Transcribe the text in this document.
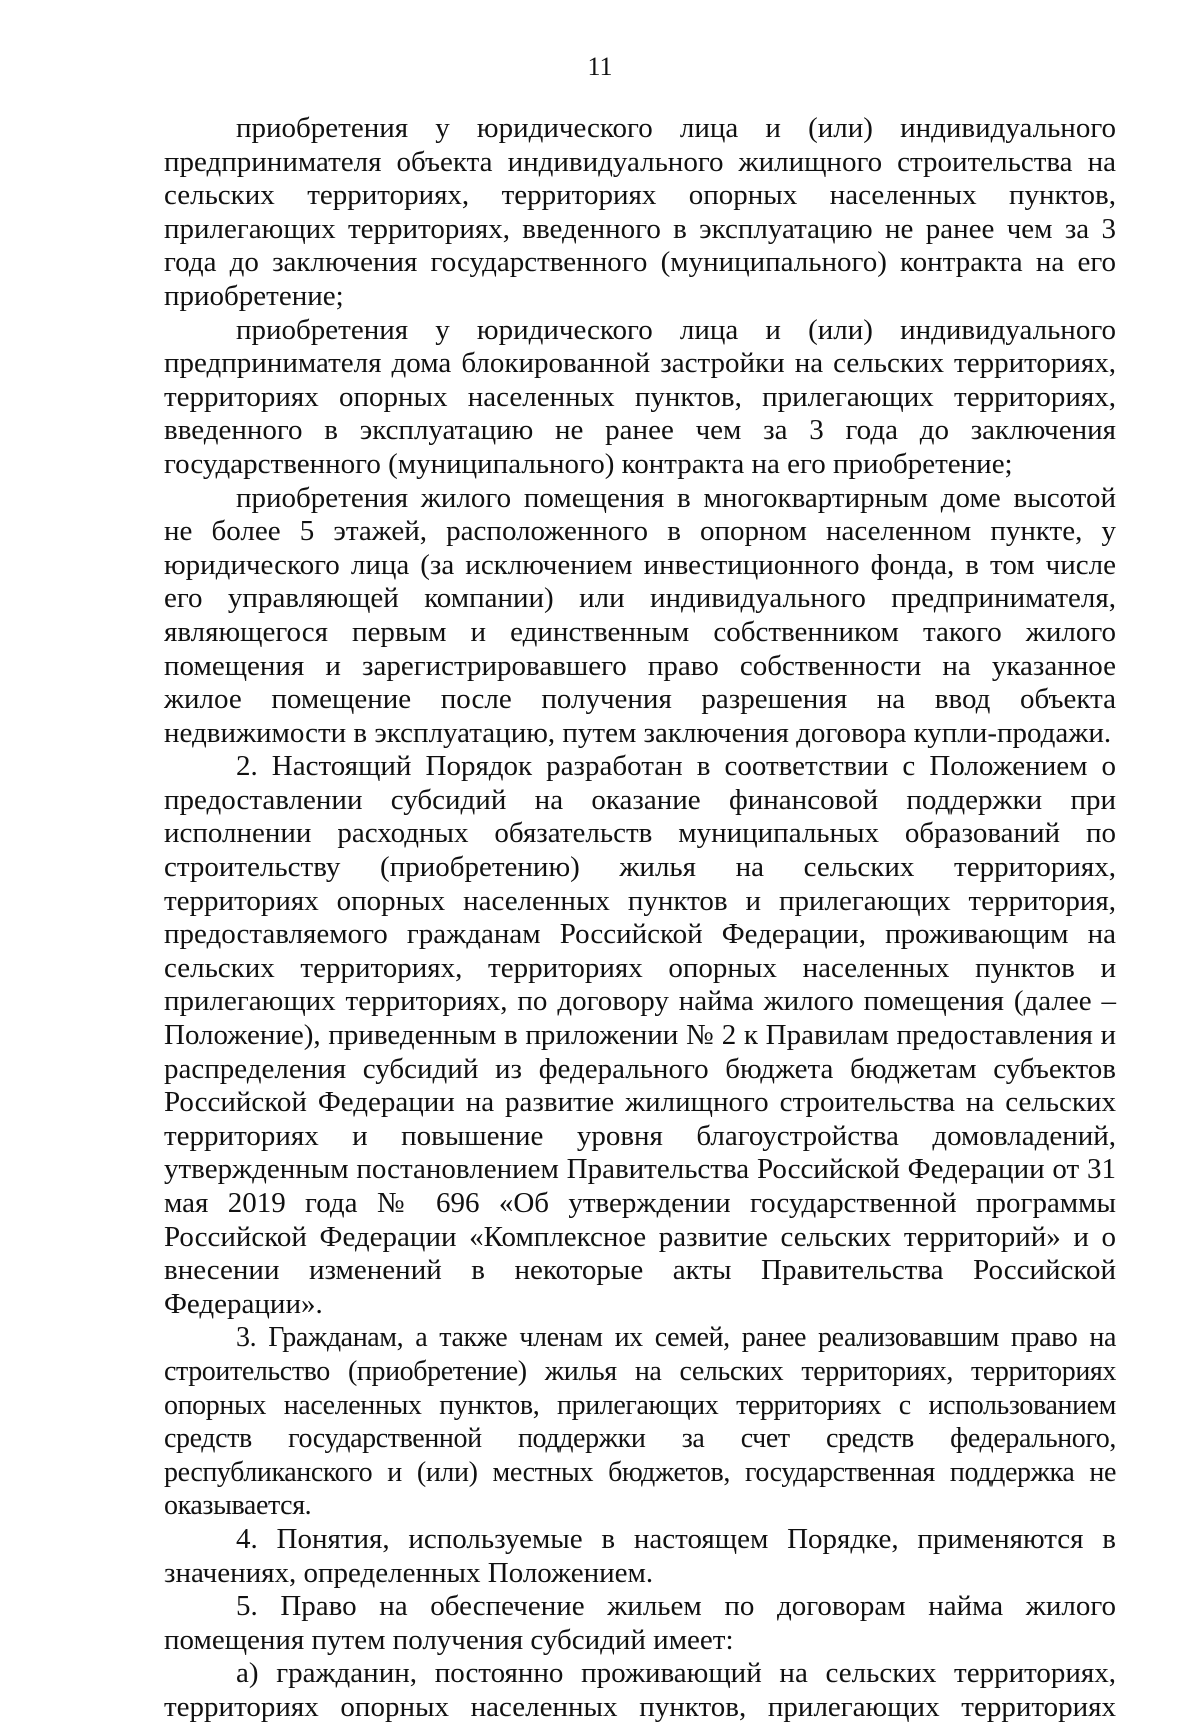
11

приобретения у юридического лица и (или) индивидуального предпринимателя объекта индивидуального жилищного строительства на сельских территориях, территориях опорных населенных пунктов, прилегающих территориях, введенного в эксплуатацию не ранее чем за 3 года до заключения государственного (муниципального) контракта на его приобретение;

приобретения у юридического лица и (или) индивидуального предпринимателя дома блокированной застройки на сельских территориях, территориях опорных населенных пунктов, прилегающих территориях, введенного в эксплуатацию не ранее чем за 3 года до заключения государственного (муниципального) контракта на его приобретение;

приобретения жилого помещения в многоквартирным доме высотой не более 5 этажей, расположенного в опорном населенном пункте, у юридического лица (за исключением инвестиционного фонда, в том числе его управляющей компании) или индивидуального предпринимателя, являющегося первым и единственным собственником такого жилого помещения и зарегистрировавшего право собственности на указанное жилое помещение после получения разрешения на ввод объекта недвижимости в эксплуатацию, путем заключения договора купли-продажи.

2. Настоящий Порядок разработан в соответствии с Положением о предоставлении субсидий на оказание финансовой поддержки при исполнении расходных обязательств муниципальных образований по строительству (приобретению) жилья на сельских территориях, территориях опорных населенных пунктов и прилегающих территория, предоставляемого гражданам Российской Федерации, проживающим на сельских территориях, территориях опорных населенных пунктов и прилегающих территориях, по договору найма жилого помещения (далее – Положение), приведенным в приложении № 2 к Правилам предоставления и распределения субсидий из федерального бюджета бюджетам субъектов Российской Федерации на развитие жилищного строительства на сельских территориях и повышение уровня благоустройства домовладений, утвержденным постановлением Правительства Российской Федерации от 31 мая 2019 года № 696 «Об утверждении государственной программы Российской Федерации «Комплексное развитие сельских территорий» и о внесении изменений в некоторые акты Правительства Российской Федерации».

3. Гражданам, а также членам их семей, ранее реализовавшим право на строительство (приобретение) жилья на сельских территориях, территориях опорных населенных пунктов, прилегающих территориях с использованием средств государственной поддержки за счет средств федерального, республиканского и (или) местных бюджетов, государственная поддержка не оказывается.

4. Понятия, используемые в настоящем Порядке, применяются в значениях, определенных Положением.

5. Право на обеспечение жильем по договорам найма жилого помещения путем получения субсидий имеет:

а) гражданин, постоянно проживающий на сельских территориях, территориях опорных населенных пунктов, прилегающих территориях
